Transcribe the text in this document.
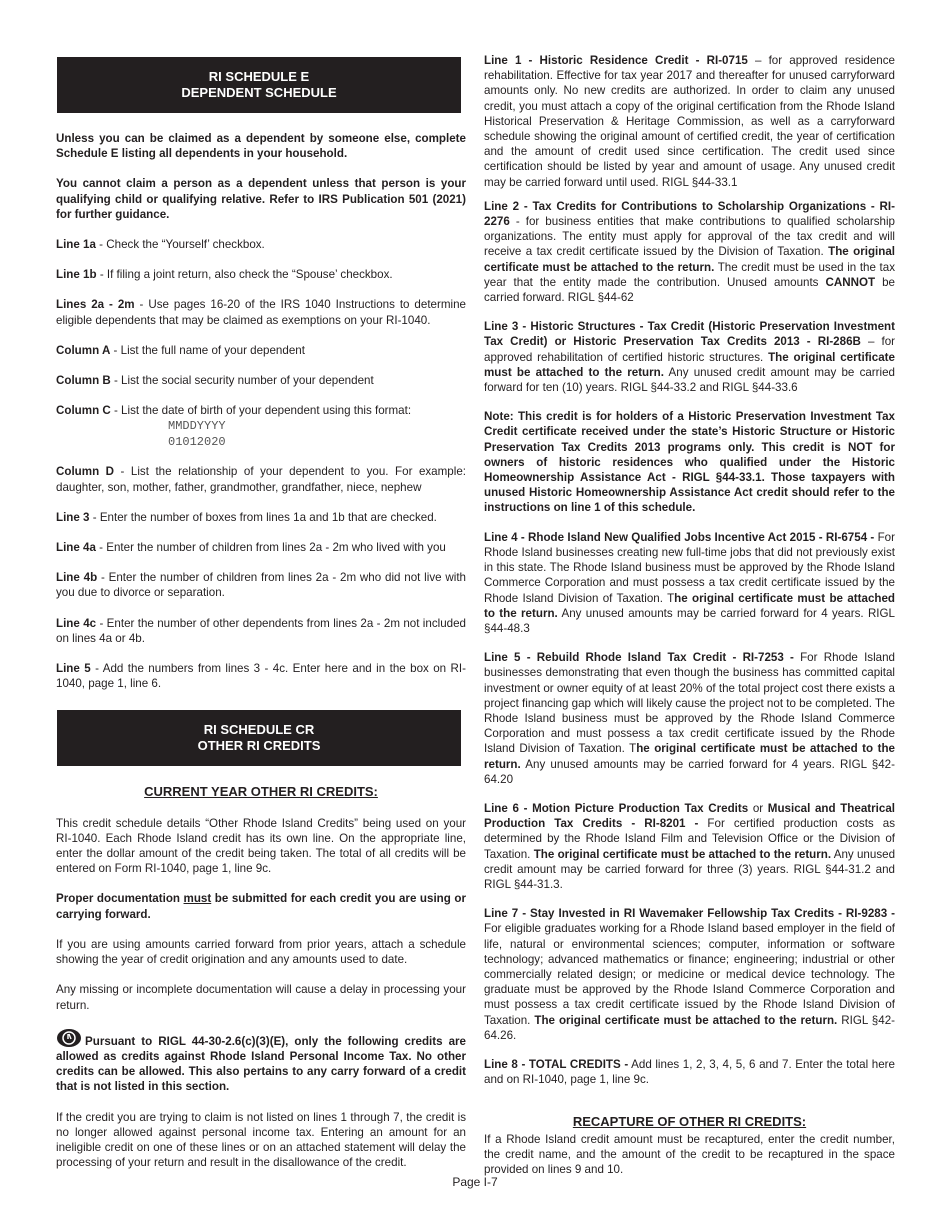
RI SCHEDULE E
DEPENDENT SCHEDULE

Unless you can be claimed as a dependent by someone else, complete Schedule E listing all dependents in your household.

You cannot claim a person as a dependent unless that person is your qualifying child or qualifying relative. Refer to IRS Publication 501 (2021) for further guidance.

Line 1a - Check the “Yourself’ checkbox.

Line 1b - If filing a joint return, also check the “Spouse’ checkbox.

Lines 2a - 2m - Use pages 16-20 of the IRS 1040 Instructions to determine eligible dependents that may be claimed as exemptions on your RI-1040.

Column A - List the full name of your dependent

Column B - List the social security number of your dependent

Column C - List the date of birth of your dependent using this format:

MMDDYYYY
01012020

Column D - List the relationship of your dependent to you. For example: daughter, son, mother, father, grandmother, grandfather, niece, nephew

Line 3 - Enter the number of boxes from lines 1a and 1b that are checked.

Line 4a - Enter the number of children from lines 2a - 2m who lived with you

Line 4b - Enter the number of children from lines 2a - 2m who did not live with you due to divorce or separation.

Line 4c - Enter the number of other dependents from lines 2a - 2m not included on lines 4a or 4b.

Line 5 - Add the numbers from lines 3 - 4c. Enter here and in the box on RI-1040, page 1, line 6.

RI SCHEDULE CR
OTHER RI CREDITS
CURRENT YEAR OTHER RI CREDITS:

This credit schedule details “Other Rhode Island Credits” being used on your RI-1040. Each Rhode Island credit has its own line. On the appropriate line, enter the dollar amount of the credit being taken. The total of all credits will be entered on Form RI-1040, page 1, line 9c.

Proper documentation must be submitted for each credit you are using or carrying forward.

If you are using amounts carried forward from prior years, attach a schedule showing the year of credit origination and any amounts used to date.

Any missing or incomplete documentation will cause a delay in processing your return.

Pursuant to RIGL 44-30-2.6(c)(3)(E), only the following credits are allowed as credits against Rhode Island Personal Income Tax. No other credits can be allowed. This also pertains to any carry forward of a credit that is not listed in this section.

If the credit you are trying to claim is not listed on lines 1 through 7, the credit is no longer allowed against personal income tax. Entering an amount for an ineligible credit on one of these lines or on an attached statement will delay the processing of your return and result in the disallowance of the credit.

Line 1 - Historic Residence Credit - RI-0715 – for approved residence rehabilitation. Effective for tax year 2017 and thereafter for unused carryforward amounts only. No new credits are authorized. In order to claim any unused credit, you must attach a copy of the original certification from the Rhode Island Historical Preservation & Heritage Commission, as well as a carryforward schedule showing the original amount of certified credit, the year of certification and the amount of credit used since certification. The credit used since certification should be listed by year and amount of usage. Any unused credit may be carried forward until used. RIGL §44-33.1

Line 2 - Tax Credits for Contributions to Scholarship Organizations - RI-2276 - for business entities that make contributions to qualified scholarship organizations. The entity must apply for approval of the tax credit and will receive a tax credit certificate issued by the Division of Taxation. The original certificate must be attached to the return. The credit must be used in the tax year that the entity made the contribution. Unused amounts CANNOT be carried forward. RIGL §44-62

Line 3 - Historic Structures - Tax Credit (Historic Preservation Investment Tax Credit) or Historic Preservation Tax Credits 2013 - RI-286B – for approved rehabilitation of certified historic structures. The original certificate must be attached to the return. Any unused credit amount may be carried forward for ten (10) years. RIGL §44-33.2 and RIGL §44-33.6

Note: This credit is for holders of a Historic Preservation Investment Tax Credit certificate received under the state’s Historic Structure or Historic Preservation Tax Credits 2013 programs only. This credit is NOT for owners of historic residences who qualified under the Historic Homeownership Assistance Act - RIGL §44-33.1. Those taxpayers with unused Historic Homeownership Assistance Act credit should refer to the instructions on line 1 of this schedule.

Line 4 - Rhode Island New Qualified Jobs Incentive Act 2015 - RI-6754 - For Rhode Island businesses creating new full-time jobs that did not previously exist in this state. The Rhode Island business must be approved by the Rhode Island Commerce Corporation and must possess a tax credit certificate issued by the Rhode Island Division of Taxation. The original certificate must be attached to the return. Any unused amounts may be carried forward for 4 years. RIGL §44-48.3

Line 5 - Rebuild Rhode Island Tax Credit - RI-7253 - For Rhode Island businesses demonstrating that even though the business has committed capital investment or owner equity of at least 20% of the total project cost there exists a project financing gap which will likely cause the project not to be completed. The Rhode Island business must be approved by the Rhode Island Commerce Corporation and must possess a tax credit certificate issued by the Rhode Island Division of Taxation. The original certificate must be attached to the return. Any unused amounts may be carried forward for 4 years. RIGL §42-64.20

Line 6 - Motion Picture Production Tax Credits or Musical and Theatrical Production Tax Credits - RI-8201 - For certified production costs as determined by the Rhode Island Film and Television Office or the Division of Taxation. The original certificate must be attached to the return. Any unused credit amount may be carried forward for three (3) years. RIGL §44-31.2 and RIGL §44-31.3.

Line 7 - Stay Invested in RI Wavemaker Fellowship Tax Credits - RI-9283 - For eligible graduates working for a Rhode Island based employer in the field of life, natural or environmental sciences; computer, information or software technology; advanced mathematics or finance; engineering; industrial or other commercially related design; or medicine or medical device technology. The graduate must be approved by the Rhode Island Commerce Corporation and must possess a tax credit certificate issued by the Rhode Island Division of Taxation. The original certificate must be attached to the return. RIGL §42-64.26.

Line 8 - TOTAL CREDITS - Add lines 1, 2, 3, 4, 5, 6 and 7. Enter the total here and on RI-1040, page 1, line 9c.

RECAPTURE OF OTHER RI CREDITS:

If a Rhode Island credit amount must be recaptured, enter the credit number, the credit name, and the amount of the credit to be recaptured in the space provided on lines 9 and 10.

Page I-7
